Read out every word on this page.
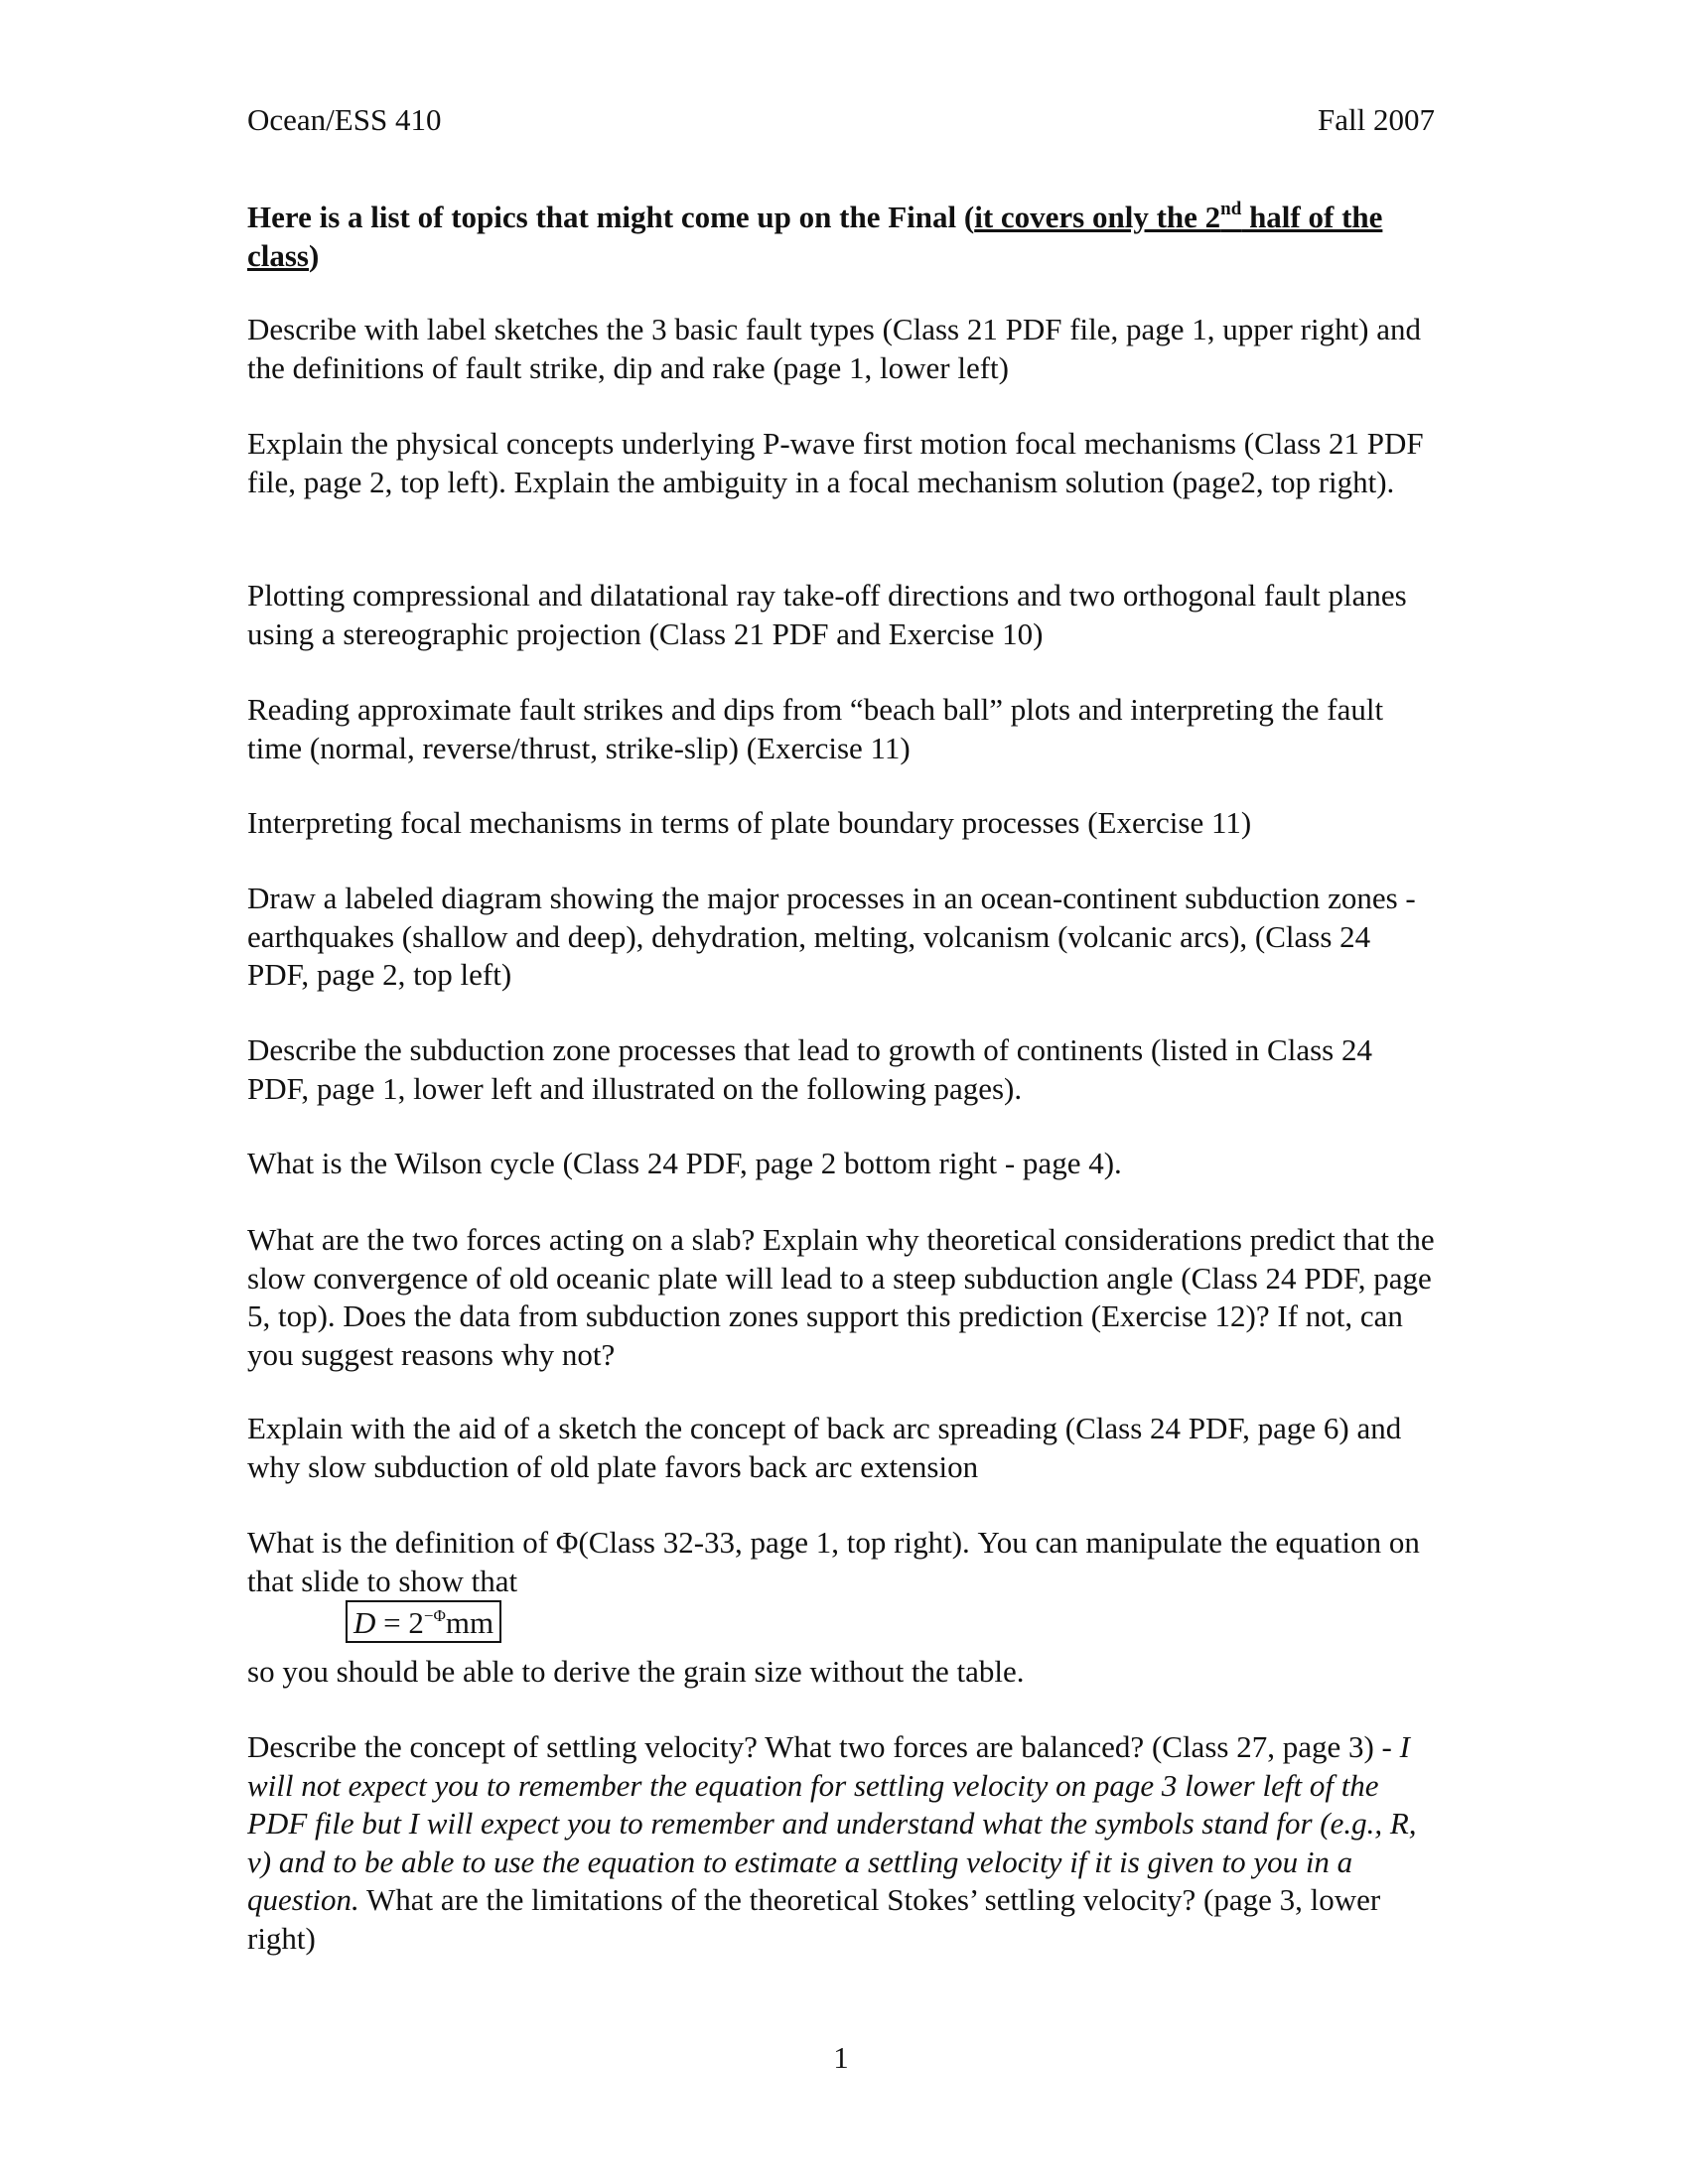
Ocean/ESS 410	Fall 2007

Here is a list of topics that might come up on the Final (it covers only the 2nd half of the class)

Describe with label sketches the 3 basic fault types (Class 21 PDF file, page 1, upper right) and the definitions of fault strike, dip and rake (page 1, lower left)

Explain the physical concepts underlying P-wave first motion focal mechanisms (Class 21 PDF file, page 2, top left). Explain the ambiguity in a focal mechanism solution (page2, top right).

Plotting compressional and dilatational ray take-off directions and two orthogonal fault planes using a stereographic projection (Class 21 PDF and Exercise 10)

Reading approximate fault strikes and dips from “beach ball” plots and interpreting the fault time (normal, reverse/thrust, strike-slip) (Exercise 11)

Interpreting focal mechanisms in terms of plate boundary processes (Exercise 11)

Draw a labeled diagram showing the major processes in an ocean-continent subduction zones - earthquakes (shallow and deep), dehydration, melting, volcanism (volcanic arcs), (Class 24 PDF, page 2, top left)

Describe the subduction zone processes that lead to growth of continents (listed in Class 24 PDF, page 1, lower left and illustrated on the following pages).

What is the Wilson cycle (Class 24 PDF, page 2 bottom right - page 4).

What are the two forces acting on a slab? Explain why theoretical considerations predict that the slow convergence of old oceanic plate will lead to a steep subduction angle (Class 24 PDF, page 5, top). Does the data from subduction zones support this prediction (Exercise 12)? If not, can you suggest reasons why not?

Explain with the aid of a sketch the concept of back arc spreading (Class 24 PDF, page 6) and why slow subduction of old plate favors back arc extension

What is the definition of Φ(Class 32-33, page 1, top right). You can manipulate the equation on that slide to show that

$D = 2^{-\Phi}mm$

so you should be able to derive the grain size without the table.

Describe the concept of settling velocity? What two forces are balanced? (Class 27, page 3) - I will not expect you to remember the equation for settling velocity on page 3 lower left of the PDF file but I will expect you to remember and understand what the symbols stand for (e.g., R, ν) and to be able to use the equation to estimate a settling velocity if it is given to you in a question. What are the limitations of the theoretical Stokes’ settling velocity? (page 3, lower right)

1
